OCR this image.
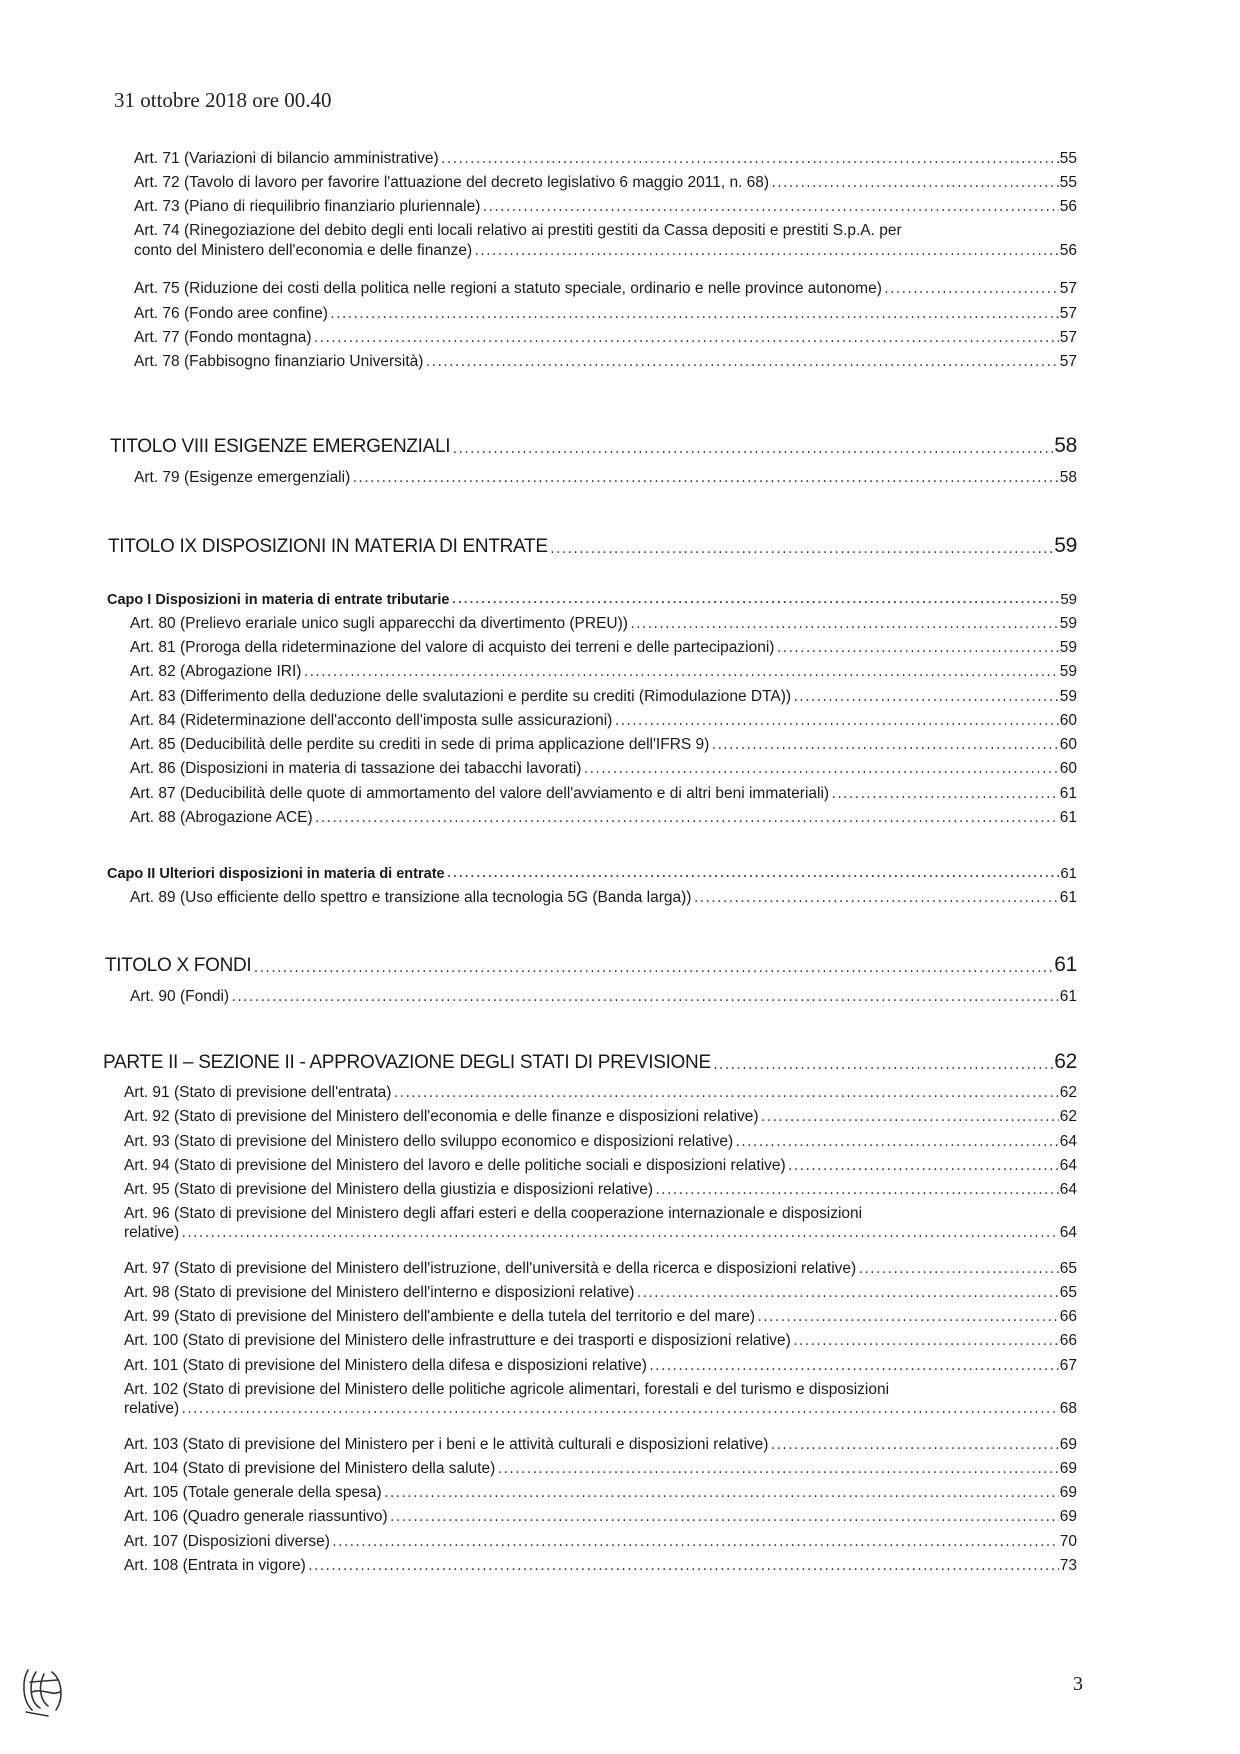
31 ottobre 2018 ore 00.40
Art. 71 (Variazioni di bilancio amministrative) .....	55
Art. 72 (Tavolo di lavoro per favorire l'attuazione del decreto legislativo 6 maggio 2011, n. 68) .....	55
Art. 73 (Piano di riequilibrio finanziario pluriennale) .....	56
Art. 74 (Rinegoziazione del debito degli enti locali relativo ai prestiti gestiti da Cassa depositi e prestiti S.p.A. per
conto del Ministero dell'economia e delle finanze) .....	56
Art. 75 (Riduzione dei costi della politica nelle regioni a statuto speciale, ordinario e nelle province autonome) .....	57
Art. 76 (Fondo aree confine) .....	57
Art. 77 (Fondo montagna) .....	57
Art. 78 (Fabbisogno finanziario Università) .....	57
TITOLO VIII ESIGENZE EMERGENZIALI .....	58
Art. 79 (Esigenze emergenziali) .....	58
TITOLO IX DISPOSIZIONI IN MATERIA DI ENTRATE .....	59
Capo I Disposizioni in materia di entrate tributarie .....	59
Art. 80 (Prelievo erariale unico sugli apparecchi da divertimento (PREU)) .....	59
Art. 81 (Proroga della rideterminazione del valore di acquisto dei terreni e delle partecipazioni) .....	59
Art. 82 (Abrogazione IRI) .....	59
Art. 83 (Differimento della deduzione delle svalutazioni e perdite su crediti (Rimodulazione DTA)) .....	59
Art. 84 (Rideterminazione dell'acconto dell'imposta sulle assicurazioni) .....	60
Art. 85 (Deducibilità delle perdite su crediti in sede di prima applicazione dell'IFRS 9) .....	60
Art. 86 (Disposizioni in materia di tassazione dei tabacchi lavorati) .....	60
Art. 87 (Deducibilità delle quote di ammortamento del valore dell'avviamento e di altri beni immateriali) .....	61
Art. 88 (Abrogazione ACE) .....	61
Capo II Ulteriori disposizioni in materia di entrate .....	61
Art. 89 (Uso efficiente dello spettro e transizione alla tecnologia 5G (Banda larga)) .....	61
TITOLO X FONDI .....	61
Art. 90 (Fondi) .....	61
PARTE II – SEZIONE II - APPROVAZIONE DEGLI STATI DI PREVISIONE .....	62
Art. 91 (Stato di previsione dell'entrata) .....	62
Art. 92 (Stato di previsione del Ministero dell'economia e delle finanze e disposizioni relative) .....	62
Art. 93 (Stato di previsione del Ministero dello sviluppo economico e disposizioni relative) .....	64
Art. 94 (Stato di previsione del Ministero del lavoro e delle politiche sociali e disposizioni relative) .....	64
Art. 95 (Stato di previsione del Ministero della giustizia e disposizioni relative) .....	64
Art. 96 (Stato di previsione del Ministero degli affari esteri e della cooperazione internazionale e disposizioni
relative) .....	64
Art. 97 (Stato di previsione del Ministero dell'istruzione, dell'università e della ricerca e disposizioni relative) .....	65
Art. 98 (Stato di previsione del Ministero dell'interno e disposizioni relative) .....	65
Art. 99 (Stato di previsione del Ministero dell'ambiente e della tutela del territorio e del mare) .....	66
Art. 100 (Stato di previsione del Ministero delle infrastrutture e dei trasporti e disposizioni relative) .....	66
Art. 101 (Stato di previsione del Ministero della difesa e disposizioni relative) .....	67
Art. 102 (Stato di previsione del Ministero delle politiche agricole alimentari, forestali e del turismo e disposizioni
relative) .....	68
Art. 103 (Stato di previsione del Ministero per i beni e le attività culturali e disposizioni relative) .....	69
Art. 104 (Stato di previsione del Ministero della salute) .....	69
Art. 105 (Totale generale della spesa) .....	69
Art. 106 (Quadro generale riassuntivo) .....	69
Art. 107 (Disposizioni diverse) .....	70
Art. 108 (Entrata in vigore) .....	73
3
